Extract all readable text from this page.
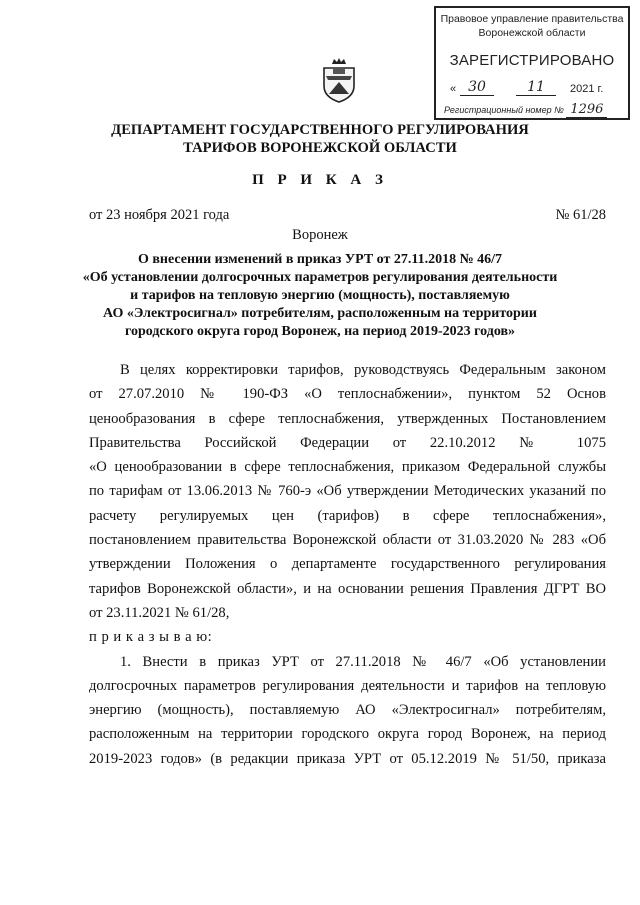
Правовое управление правительства
Воронежской области
ЗАРЕГИСТРИРОВАНО
« 30	11	2021 г.
Регистрационный номер № 1296
ДЕПАРТАМЕНТ ГОСУДАРСТВЕННОГО РЕГУЛИРОВАНИЯ
ТАРИФОВ ВОРОНЕЖСКОЙ ОБЛАСТИ
П Р И К А З
от 23 ноября 2021 года	№ 61/28
Воронеж
О внесении изменений в приказ УРТ от 27.11.2018 № 46/7
«Об установлении долгосрочных параметров регулирования деятельности
и тарифов на тепловую энергию (мощность), поставляемую
АО «Электросигнал» потребителям, расположенным на территории
городского округа город Воронеж, на период 2019-2023 годов»
В целях корректировки тарифов, руководствуясь Федеральным законом
от 27.07.2010 № 190-ФЗ «О теплоснабжении», пунктом 52 Основ
ценообразования в сфере теплоснабжения, утвержденных Постановлением
Правительства Российской Федерации от 22.10.2012 № 1075
«О ценообразовании в сфере теплоснабжения, приказом Федеральной службы
по тарифам от 13.06.2013 № 760-э «Об утверждении Методических указаний по
расчету регулируемых цен (тарифов) в сфере теплоснабжения»,
постановлением правительства Воронежской области от 31.03.2020 № 283 «Об
утверждении Положения о департаменте государственного регулирования
тарифов Воронежской области», и на основании решения Правления ДГРТ ВО
от 23.11.2021 № 61/28,
п р и к а з ы в а ю:
1. Внести в приказ УРТ от 27.11.2018 № 46/7 «Об установлении
долгосрочных параметров регулирования деятельности и тарифов на тепловую
энергию (мощность), поставляемую АО «Электросигнал» потребителям,
расположенным на территории городского округа город Воронеж, на период
2019-2023 годов» (в редакции приказа УРТ от 05.12.2019 № 51/50, приказа
